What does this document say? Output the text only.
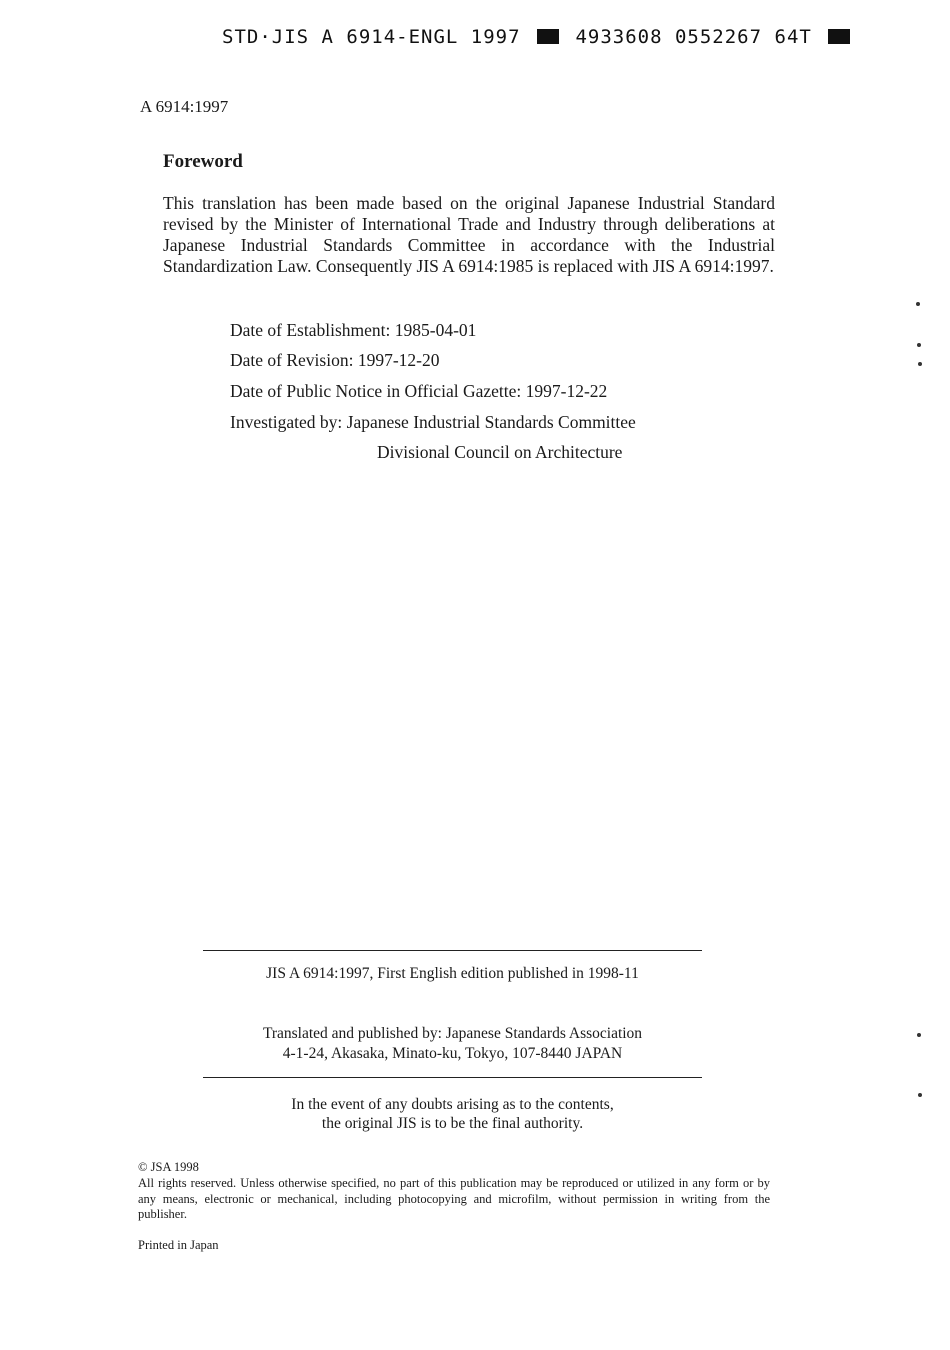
STD·JIS A 6914-ENGL 1997	4933608 0552267 64T
A 6914:1997
Foreword

This translation has been made based on the original Japanese Industrial Standard revised by the Minister of International Trade and Industry through deliberations at Japanese Industrial Standards Committee in accordance with the Industrial Standardization Law. Consequently JIS A 6914:1985 is replaced with JIS A 6914:1997.

Date of Establishment: 1985-04-01
Date of Revision: 1997-12-20
Date of Public Notice in Official Gazette: 1997-12-22
Investigated by: Japanese Industrial Standards Committee
Divisional Council on Architecture
JIS A 6914:1997, First English edition published in 1998-11
Translated and published by: Japanese Standards Association
4-1-24, Akasaka, Minato-ku, Tokyo, 107-8440 JAPAN
In the event of any doubts arising as to the contents,
the original JIS is to be the final authority.
© JSA 1998
All rights reserved. Unless otherwise specified, no part of this publication may be reproduced or utilized in any form or by any means, electronic or mechanical, including photocopying and microfilm, without permission in writing from the publisher.
Printed in Japan
